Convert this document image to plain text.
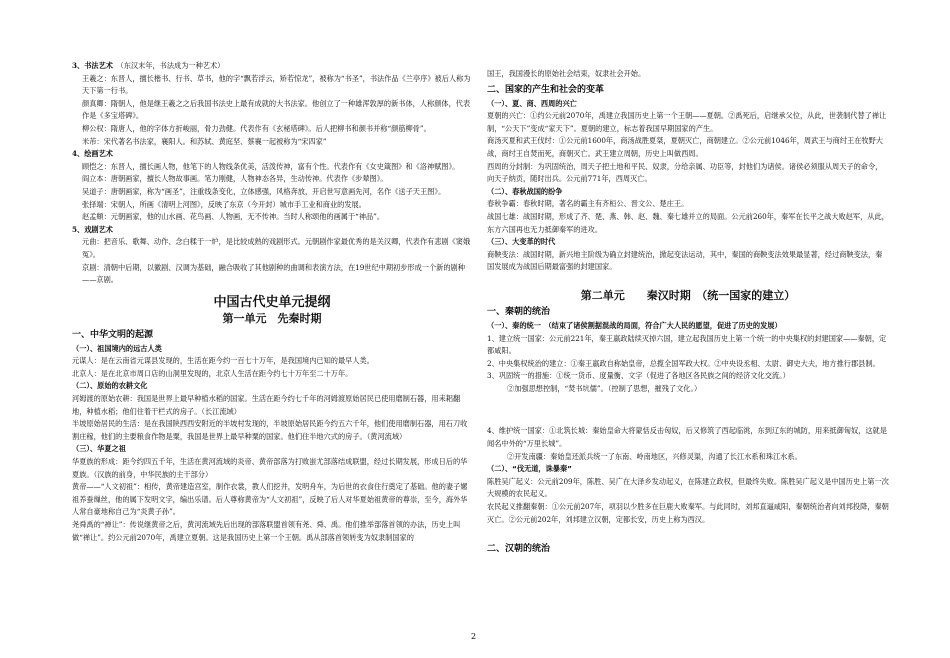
3、书法艺术　 （东汉末年，书法成为一种艺术）

王羲之：东晋人，擅长楷书、行书、草书，他的字“飘若浮云，矫若惊龙”，被称为“书圣”，书法作品《兰亭序》被后人称为天下第一行书。

颜真卿：隋朝人，他是继王羲之之后我国书法史上最有成就的大书法家。他创立了一种雄浑敦厚的新书体，人称颜体，代表作是《多宝塔碑》。

柳公权：隋唐人，他的字体方折峻丽，骨力劲健。代表作有《玄秘塔碑》。后人把柳书和颜书并称“颜筋柳骨”。

米芾：宋代著名书法家，襄阳人。和苏轼、黄庭坚、蔡襄一起被称为“宋四家”

4、绘画艺术

顾恺之：东晋人，擅长画人物，他笔下的人物线条优美，活泼传神，富有个性。代表作有《女史箴图》和《洛神赋图》。

阎立本：唐朝画家，擅长人物故事画。笔力刚健，人物神态各异，生动传神。代表作《步辇图》。

吴道子：唐朝画家，称为“画圣”，注重线条变化，立体感强，风格奔放，开启世写意画先河，名作《送子天王图》。

张择端：宋朝人，所画《清明上河图》，反映了东京（今开封）城市手工业和商业的发展。

赵孟頫：元朝画家，他的山水画、花鸟画、人物画，无不传神。当时人称颂他的画属于“神品”。

5、戏剧艺术

元曲：把音乐、歌舞、动作、念白糅于一炉，是比较成熟的戏剧形式。元朝剧作家最优秀的是关汉卿，代表作有悲剧《窦娥冤》。

京剧：清朝中后期，以徽剧、汉调为基础，融合吸收了其他剧种的曲调和表演方法，在19世纪中期初步形成一个新的剧种——京剧。

中国古代史单元提纲
第一单元　先秦时期
一、中华文明的起源

（一）、祖国境内的远古人类

元谋人：是在云南省元谋县发现的，生活在距今约一百七十万年，是我国境内已知的最早人类。

北京人：是在北京市周口店的山洞里发现的，北京人生活在距今约七十万年至二十万年。

（二）、原始的农耕文化

河姆渡的原始农耕：我国是世界上最早种植水稻的国家。生活在距今约七千年的河姆渡原始居民已使用磨制石器，用耒耜翻地，种植水稻；他们住着干栏式的房子。（长江流域）

半坡原始居民的生活：是在我国陕西西安附近的半坡村发现的，半坡原始居民距今约五六千年，他们使用磨制石器，用石刀收割庄稼，他们的主要粮食作物是粟，我国是世界上最早种粟的国家。他们住半地穴式的房子。（黄河流域）

（三）、华夏之祖

华夏族的形成：距今约四五千年，生活在黄河流域的炎帝、黄帝部落为打败蚩尤部落结成联盟，经过长期发展，形成日后的华夏族。（汉族的前身，中华民族的主干部分）

黄帝——“人文初祖”：相传，黄帝建造宫室，制作衣裳，教人们挖井，发明舟车，为后世的衣食住行奠定了基础。他的妻子嫘祖养蚕缫丝，他的属下发明文字，编出乐谱。后人尊称黄帝为“人文初祖”，反映了后人对华夏始祖黄帝的尊崇，至今，海外华人常自豪地称自己为“炎黄子孙”。

尧舜禹的“禅让”：传说继黄帝之后，黄河流域先后出现的部落联盟首领有尧、舜、禹。他们推举部落首领的办法，历史上叫做“禅让”。约公元前2070年，禹建立夏朝。这是我国历史上第一个王朝。禹从部落首领转变为奴隶制国家的

国王，我国漫长的原始社会结束，奴隶社会开始。

二、国家的产生和社会的变革

（一）、夏、商、西周的兴亡

夏朝的兴亡：①约公元前2070年，禹建立我国历史上第一个王朝——夏朝。②禹死后，启继承父位，从此，世袭制代替了禅让制，“公天下”变成“家天下”。夏朝的建立，标志着我国早期国家的产生。

商汤灭夏和武王伐纣：①公元前1600年，商汤战胜夏桀，夏朝灭亡，商朝建立。②公元前1046年，周武王与商纣王在牧野大战，商纣王自焚而死，商朝灭亡。武王建立周朝，历史上叫做西周。

西周的分封制：为巩固统治，周天子把土地和平民、奴隶，分给亲属、功臣等，封他们为诸侯。诸侯必须服从周天子的命令，向天子纳贡，随时出兵。公元前771年，西周灭亡。

（二）、春秋战国的纷争

春秋争霸：春秋时期，著名的霸主有齐桓公、晋文公、楚庄王。

战国七雄：战国时期，形成了齐、楚、燕、韩、赵、魏、秦七雄并立的局面。公元前260年，秦军在长平之战大败赵军，从此，东方六国再也无力抵御秦军的进攻。

（三）、大变革的时代

商鞅变法：战国时期，新兴地主阶级为确立封建统治，掀起变法运动，其中，秦国的商鞅变法效果最显著，经过商鞅变法，秦国发展成为战国后期最富强的封建国家。

第二单元　　秦汉时期　（统一国家的建立）
一、秦朝的统治

（一）、秦的统一　（结束了诸侯割据混战的局面，符合广大人民的愿望，促进了历史的发展）

1、建立统一国家：公元前221年，秦王嬴政陆续灭掉六国，建立起我国历史上第一个统一的中央集权的封建国家——秦朝，定都咸阳。

2、中央集权统治的建立：①秦王嬴政自称始皇帝，总揽全国军政大权。②中央设丞相、太尉、御史大夫，地方推行郡县制。

3、巩固统一的措施：①统一货币、度量衡、文字（促进了各地区各民族之间的经济文化交流。）

②加强思想控制，“焚书坑儒”。（控制了思想，摧残了文化。）

4、维护统一国家：①北筑长城：秦始皇命大将蒙恬反击匈奴，后又修筑了西起临洮，东到辽东的城防，用来抵御匈奴，这就是闻名中外的“万里长城”。

②开发南疆：秦始皇还派兵统一了东南、岭南地区，兴修灵渠，沟通了长江水系和珠江水系。

（二）、“伐无道，诛暴秦”

陈胜吴广起义：公元前209年，陈胜、吴广在大泽乡发动起义，在陈建立政权，但最终失败。陈胜吴广起义是中国历史上第一次大规模的农民起义。

农民起义推翻秦朝：①公元前207年，项羽以少胜多在巨鹿大败秦军。与此同时，刘邦直逼咸阳，秦朝统治者向刘邦投降，秦朝灭亡。②公元前202年，刘邦建立汉朝，定都长安，历史上称为西汉。

二、汉朝的统治
2
